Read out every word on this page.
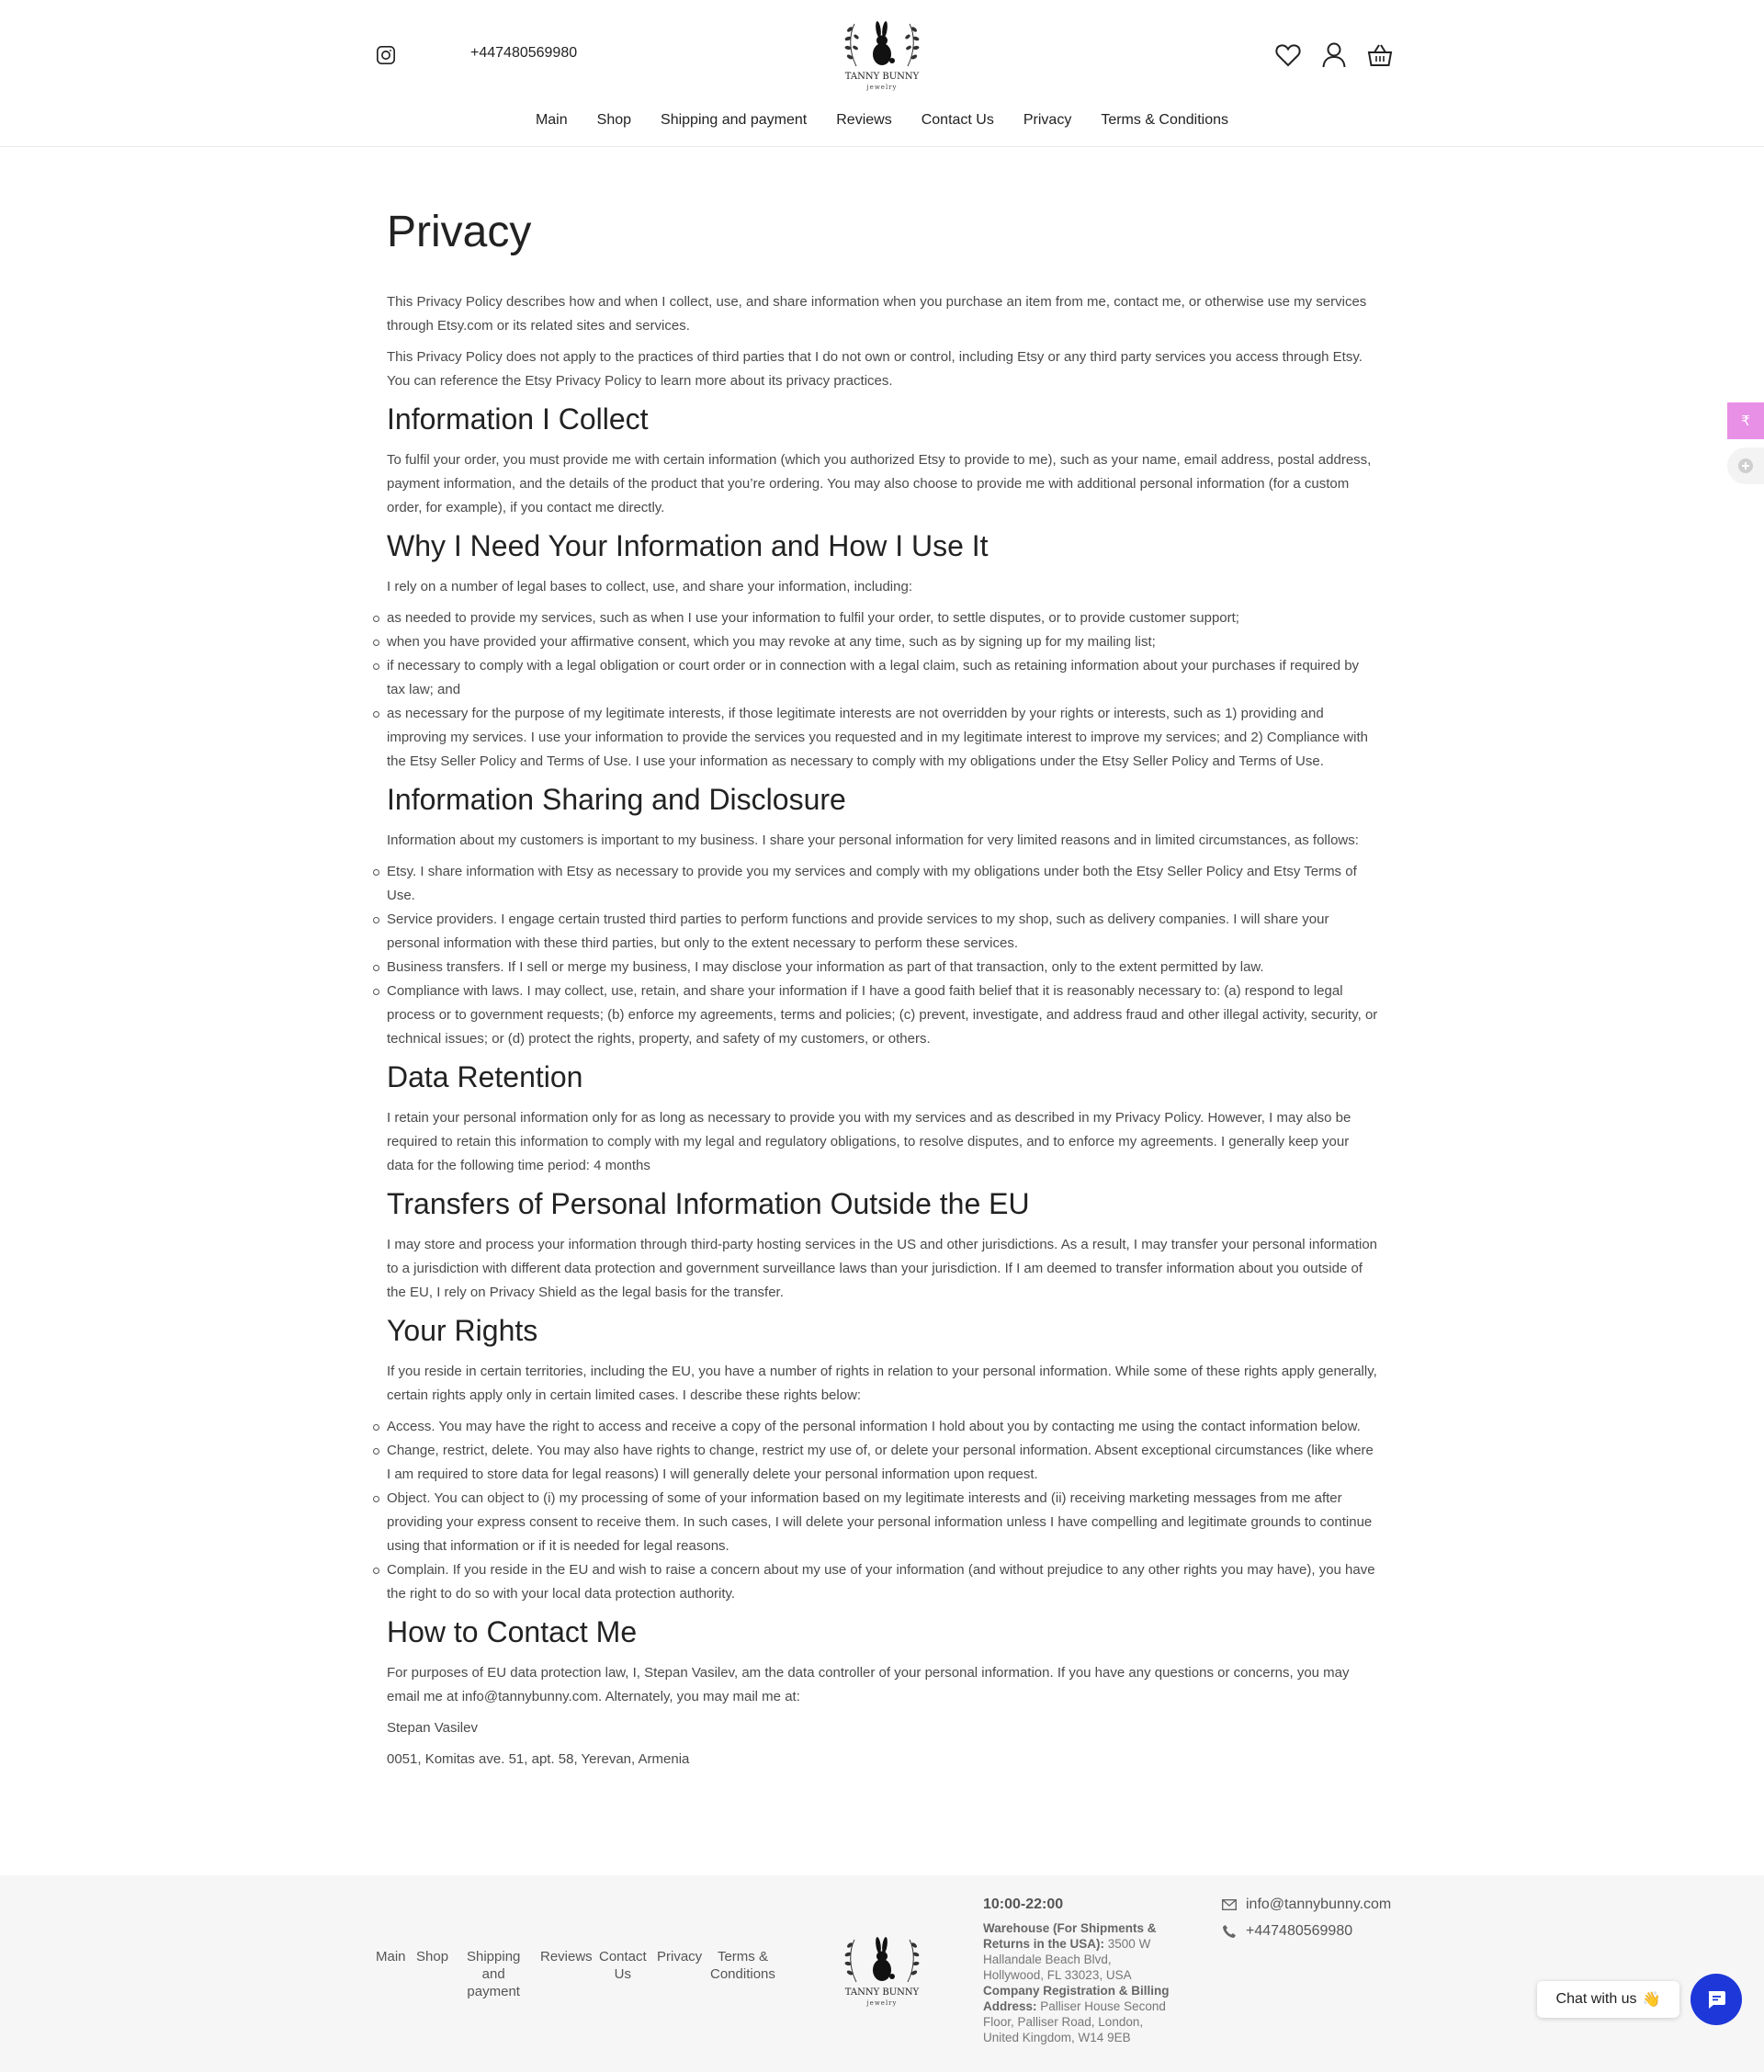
+447480569980
TANNY BUNNY
jewelry
Main Shop Shipping and payment Reviews Contact Us Privacy Terms & Conditions
Privacy

This Privacy Policy describes how and when I collect, use, and share information when you purchase an item from me, contact me, or otherwise use my services through Etsy.com or its related sites and services.

This Privacy Policy does not apply to the practices of third parties that I do not own or control, including Etsy or any third party services you access through Etsy. You can reference the Etsy Privacy Policy to learn more about its privacy practices.

Information I Collect

To fulfil your order, you must provide me with certain information (which you authorized Etsy to provide to me), such as your name, email address, postal address, payment information, and the details of the product that you’re ordering. You may also choose to provide me with additional personal information (for a custom order, for example), if you contact me directly.

Why I Need Your Information and How I Use It

I rely on a number of legal bases to collect, use, and share your information, including:

as needed to provide my services, such as when I use your information to fulfil your order, to settle disputes, or to provide customer support;
when you have provided your affirmative consent, which you may revoke at any time, such as by signing up for my mailing list;
if necessary to comply with a legal obligation or court order or in connection with a legal claim, such as retaining information about your purchases if required by tax law; and
as necessary for the purpose of my legitimate interests, if those legitimate interests are not overridden by your rights or interests, such as 1) providing and improving my services. I use your information to provide the services you requested and in my legitimate interest to improve my services; and 2) Compliance with the Etsy Seller Policy and Terms of Use. I use your information as necessary to comply with my obligations under the Etsy Seller Policy and Terms of Use.
Information Sharing and Disclosure

Information about my customers is important to my business. I share your personal information for very limited reasons and in limited circumstances, as follows:

Etsy. I share information with Etsy as necessary to provide you my services and comply with my obligations under both the Etsy Seller Policy and Etsy Terms of Use.
Service providers. I engage certain trusted third parties to perform functions and provide services to my shop, such as delivery companies. I will share your personal information with these third parties, but only to the extent necessary to perform these services.
Business transfers. If I sell or merge my business, I may disclose your information as part of that transaction, only to the extent permitted by law.
Compliance with laws. I may collect, use, retain, and share your information if I have a good faith belief that it is reasonably necessary to: (a) respond to legal process or to government requests; (b) enforce my agreements, terms and policies; (c) prevent, investigate, and address fraud and other illegal activity, security, or technical issues; or (d) protect the rights, property, and safety of my customers, or others.
Data Retention

I retain your personal information only for as long as necessary to provide you with my services and as described in my Privacy Policy. However, I may also be required to retain this information to comply with my legal and regulatory obligations, to resolve disputes, and to enforce my agreements. I generally keep your data for the following time period: 4 months

Transfers of Personal Information Outside the EU

I may store and process your information through third-party hosting services in the US and other jurisdictions. As a result, I may transfer your personal information to a jurisdiction with different data protection and government surveillance laws than your jurisdiction. If I am deemed to transfer information about you outside of the EU, I rely on Privacy Shield as the legal basis for the transfer.

Your Rights

If you reside in certain territories, including the EU, you have a number of rights in relation to your personal information. While some of these rights apply generally, certain rights apply only in certain limited cases. I describe these rights below:

Access. You may have the right to access and receive a copy of the personal information I hold about you by contacting me using the contact information below.
Change, restrict, delete. You may also have rights to change, restrict my use of, or delete your personal information. Absent exceptional circumstances (like where I am required to store data for legal reasons) I will generally delete your personal information upon request.
Object. You can object to (i) my processing of some of your information based on my legitimate interests and (ii) receiving marketing messages from me after providing your express consent to receive them. In such cases, I will delete your personal information unless I have compelling and legitimate grounds to continue using that information or if it is needed for legal reasons.
Complain. If you reside in the EU and wish to raise a concern about my use of your information (and without prejudice to any other rights you may have), you have the right to do so with your local data protection authority.
How to Contact Me

For purposes of EU data protection law, I, Stepan Vasilev, am the data controller of your personal information. If you have any questions or concerns, you may email me at info@tannybunny.com. Alternately, you may mail me at:

Stepan Vasilev

0051, Komitas ave. 51, apt. 58, Yerevan, Armenia

₹
Main Shop Shipping
and
payment
Reviews Contact
Us
Privacy	Terms &
Conditions
TANNY BUNNY
jewelry
10:00-22:00
Warehouse (For Shipments & Returns in the USA): 3500 W Hallandale Beach Blvd, Hollywood, FL 33023, USA
Company Registration & Billing Address: Palliser House Second Floor, Palliser Road, London, United Kingdom, W14 9EB
info@tannybunny.com
+447480569980
Chat with us 👋
